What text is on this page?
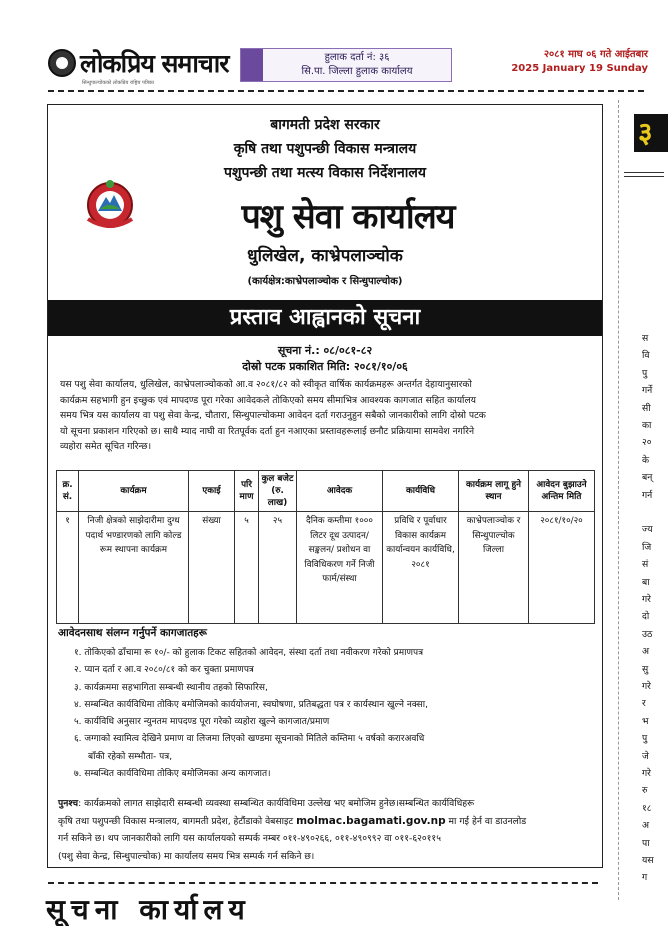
लोकप्रिय समाचार
सिन्धुपाल्चोकको लोकप्रिय राष्ट्रिय पत्रिका
हुलाक दर्ता नं: ३६
सि.पा. जिल्ला हुलाक कार्यालय
२०८१ माघ ०६ गते आईतबार
2025 January 19 Sunday
बागमती प्रदेश सरकार
कृषि तथा पशुपन्छी विकास मन्त्रालय
पशुपन्छी तथा मत्स्य विकास निर्देशनालय
पशु सेवा कार्यालय
धुलिखेल, काभ्रेपलाञ्चोक
(कार्यक्षेत्र:काभ्रेपलाञ्चोक र सिन्धुपाल्चोक)
प्रस्ताव आह्वानको सूचना
सूचना नं.: ०८/०८१-८२
दोस्रो पटक प्रकाशित मिति: २०८१/१०/०६
यस पशु सेवा कार्यालय, धुलिखेल, काभ्रेपलाञ्चोकको आ.व २०८१/८२ को स्वीकृत वार्षिक कार्यक्रमहरू अन्तर्गत देहायानुसारको
कार्यक्रम सहभागी हुन इच्छुक एवं मापदण्ड पूरा गरेका आवेदकले तोकिएको समय सीमाभित्र आवश्यक कागजात सहित कार्यालय
समय भित्र यस कार्यालय वा पशु सेवा केन्द्र, चौतारा, सिन्धुपाल्चोकमा आवेदन दर्ता गराउनुहुन सबैको जानकारीको लागि दोस्रो पटक
यो सूचना प्रकाशन गरिएको छ। साथै म्याद नाघी वा रितपूर्वक दर्ता हुन नआएका प्रस्तावहरूलाई छनौट प्रक्रियामा सामवेश नगरिने
व्यहोरा समेत सूचित गरिन्छ।
क्र. सं.	कार्यक्रम	एकाई	परि माण	कुल बजेट (रु. लाख)	आवेदक	कार्यविधि	कार्यक्रम लागू हुने स्थान	आवेदन बुझाउने अन्तिम मिति
१	निजी क्षेत्रको साझेदारीमा दुग्ध पदार्थ भण्डारणको लागि कोल्ड रूम स्थापना कार्यक्रम	संख्या	५	२५	दैनिक कम्तीमा १००० लिटर दूध उत्पादन/सङ्कलन/ प्रशोधन वा विविधिकरण गर्ने निजी फार्म/संस्था	प्रविधि र पूर्वाधार विकास कार्यक्रम कार्यान्वयन कार्यविधि, २०८१	काभ्रेपलाञ्चोक र सिन्धुपाल्चोक जिल्ला	२०८१/१०/२०
आवेदनसाथ संलग्न गर्नुपर्ने कागजातहरू
१. तोकिएको ढाँचामा रू १०/- को हुलाक टिकट सहितको आवेदन, संस्था दर्ता तथा नवीकरण गरेको प्रमाणपत्र
२. प्यान दर्ता र आ.व २०८०/८१ को कर चुक्ता प्रमाणपत्र
३. कार्यक्रममा सहभागिता सम्बन्धी स्थानीय तहको सिफारिस,
४. सम्बन्धित कार्यविधिमा तोकिए बमोजिमको कार्ययोजना, स्वघोषणा, प्रतिबद्धता पत्र र कार्यस्थान खुल्ने नक्सा,
५. कार्यविधि अनुसार न्युनतम मापदण्ड पूरा गरेको व्यहोरा खुल्ने कागजात/प्रमाण
६. जग्गाको स्वामित्व देखिने प्रमाण वा लिजमा लिएको खण्डमा सूचनाको मितिले कम्तिमा ५ वर्षको करारअवधि
बाँकी रहेको सम्भौता- पत्र,
७. सम्बन्धित कार्यविधिमा तोकिए बमोजिमका अन्य कागजात।
पुनश्च: कार्यक्रमको लागत साझेदारी सम्बन्धी व्यवस्था सम्बन्धित कार्यविधिमा उल्लेख भए बमोजिम हुनेछ।सम्बन्धित कार्यविधिहरू
कृषि तथा पशुपन्छी विकास मन्त्रालय, बागमती प्रदेश, हेटौंडाको वेबसाइट molmac.bagamati.gov.np मा गई हेर्न वा डाउनलोड
गर्न सकिने छ। थप जानकारीको लागि यस कार्यालयको सम्पर्क नम्बर ०११-४९०२६६, ०११-४९०९९२ वा ०११-६२०११५
(पशु सेवा केन्द्र, सिन्धुपाल्चोक) मा कार्यालय समय भित्र सम्पर्क गर्न सकिने छ।
सूचना कार्यालय
३
स
वि
पु
गर्ने
सी
का
२०
के
बन्
गर्न
ज्य
जि
सं
बा
गरे
दो
उठ
अ
सु
गरे
र
भ
पु
जे
गरे
रु
१८
अ
पा
यस
ग
